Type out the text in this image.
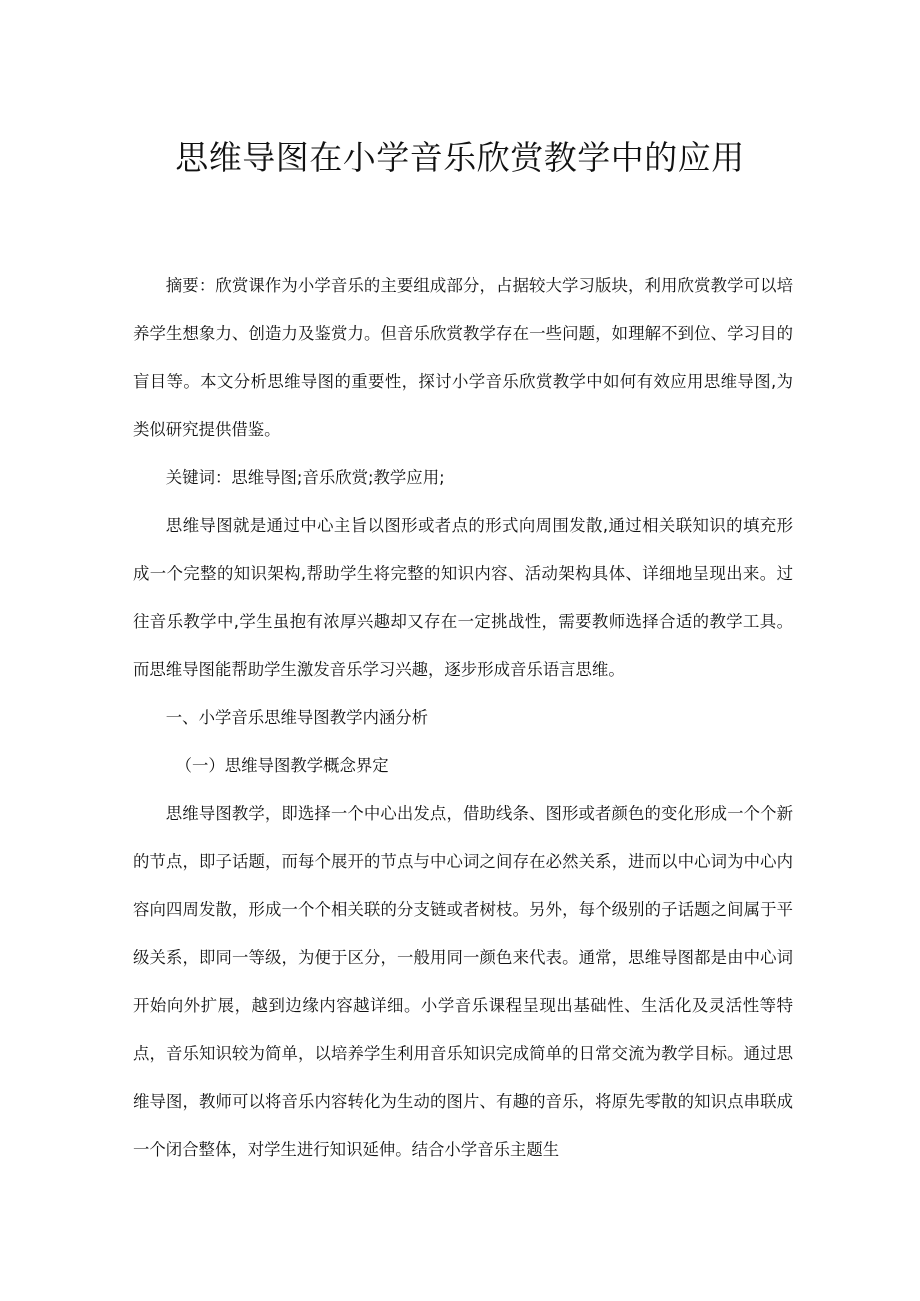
思维导图在小学音乐欣赏教学中的应用

摘要：欣赏课作为小学音乐的主要组成部分，占据较大学习版块，利用欣赏教学可以培养学生想象力、创造力及鉴赏力。但音乐欣赏教学存在一些问题，如理解不到位、学习目的盲目等。本文分析思维导图的重要性，探讨小学音乐欣赏教学中如何有效应用思维导图,为类似研究提供借鉴。

关键词：思维导图;音乐欣赏;教学应用;

思维导图就是通过中心主旨以图形或者点的形式向周围发散,通过相关联知识的填充形成一个完整的知识架构,帮助学生将完整的知识内容、活动架构具体、详细地呈现出来。过往音乐教学中,学生虽抱有浓厚兴趣却又存在一定挑战性，需要教师选择合适的教学工具。而思维导图能帮助学生激发音乐学习兴趣，逐步形成音乐语言思维。

一、小学音乐思维导图教学内涵分析

（一）思维导图教学概念界定

思维导图教学，即选择一个中心出发点，借助线条、图形或者颜色的变化形成一个个新的节点，即子话题，而每个展开的节点与中心词之间存在必然关系，进而以中心词为中心内容向四周发散，形成一个个相关联的分支链或者树枝。另外，每个级别的子话题之间属于平级关系，即同一等级，为便于区分，一般用同一颜色来代表。通常，思维导图都是由中心词开始向外扩展，越到边缘内容越详细。小学音乐课程呈现出基础性、生活化及灵活性等特点，音乐知识较为简单，以培养学生利用音乐知识完成简单的日常交流为教学目标。通过思维导图，教师可以将音乐内容转化为生动的图片、有趣的音乐，将原先零散的知识点串联成一个闭合整体，对学生进行知识延伸。结合小学音乐主题生
